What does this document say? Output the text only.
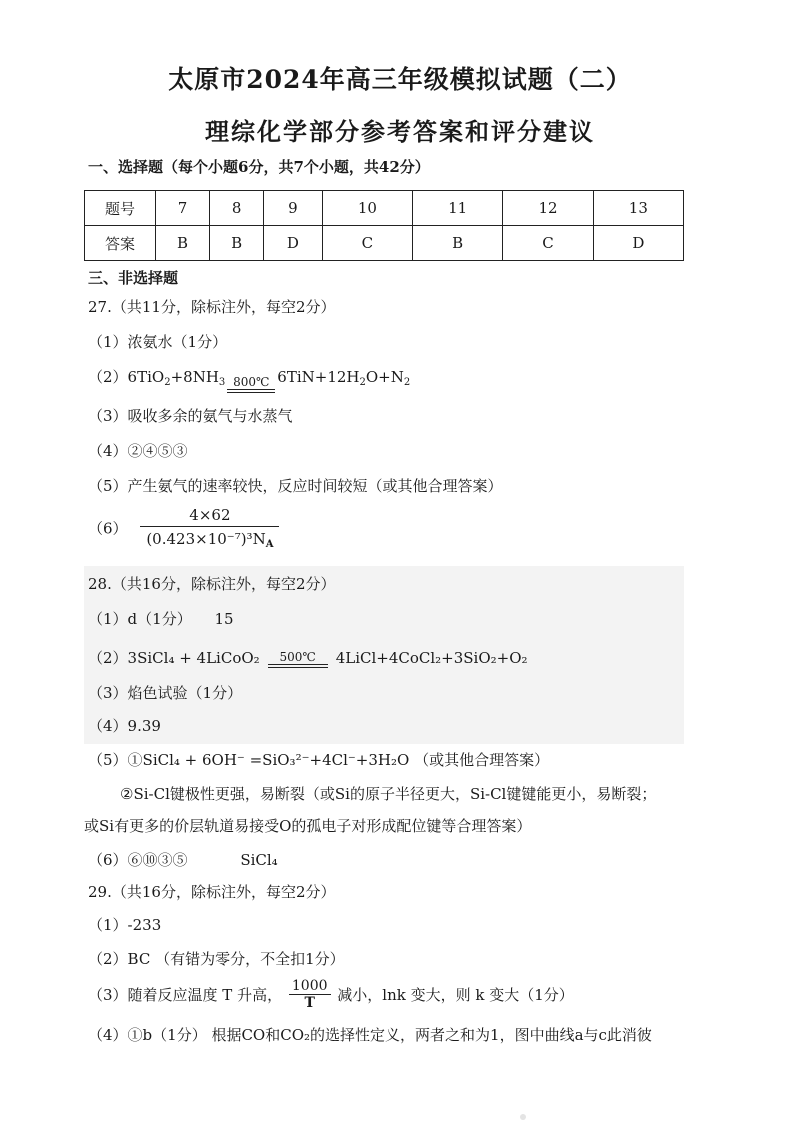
太原市2024年高三年级模拟试题（二）
理综化学部分参考答案和评分建议
一、选择题（每个小题6分，共7个小题，共42分）
题号	7	8	9	10	11	12	13
答案	B	B	D	C	B	C	D
三、非选择题
27.（共11分，除标注外，每空2分）
（1）浓氨水（1分）
$(2)6TiO_2+8NH_3$ 800℃ $6TiN+12H_2O+N_2$
（3）吸收多余的氨气与水蒸气
（4）②④⑤③
（5）产生氨气的速率较快，反应时间较短（或其他合理答案）
$(6) \frac{4\times 62}{(0.423\times 10^{-7})^3N_A}$
28.（共16分，除标注外，每空2分）
（1）d（1分） 15
（2）3SiCl₄ + 4LiCoO₂	500℃	4LiCl+4CoCl₂+3SiO₂+O₂
（3）焰色试验（1分）
（4）9.39
（5）①SiCl₄ + 6OH⁻ =SiO₃²⁻+4Cl⁻+3H₂O （或其他合理答案）
②Si-Cl键极性更强，易断裂（或Si的原子半径更大，Si-Cl键键能更小，易断裂；
或Si有更多的价层轨道易接受O的孤电子对形成配位键等合理答案）
（6）⑥⑩③⑤	SiCl₄
29.（共16分，除标注外，每空2分）
（1）-233
（2）BC （有错为零分，不全扣1分）
（3）随着反应温度 T 升高， $\frac{1000}{T}$ 减小，lnk 变大，则 k 变大（1分）
（4）①b（1分） 根据CO和CO₂的选择性定义，两者之和为1，图中曲线a与c此消彼
